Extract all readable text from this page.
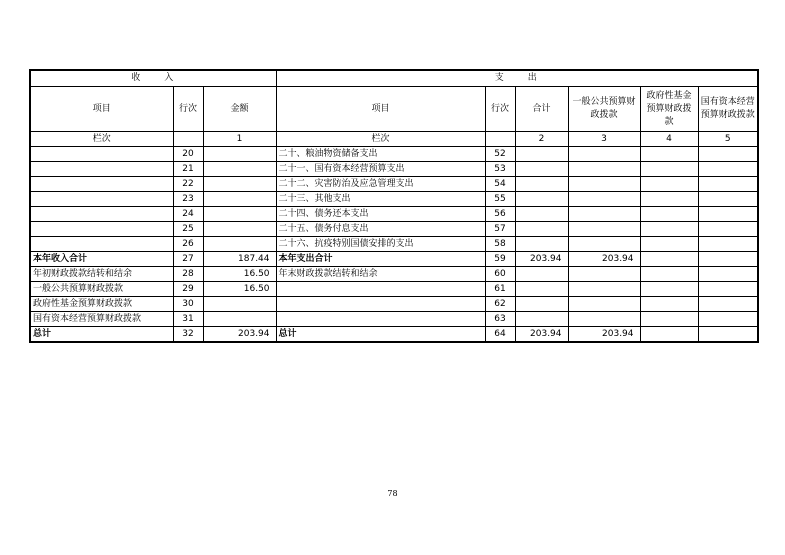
收　　入			支　　出					
项目	行次	金额	项目	行次	合计	一般公共预算财政拨款	政府性基金预算财政拨款	国有资本经营预算财政拨款
栏次		1	栏次		2	3	4	5
	20		二十、粮油物资储备支出	52				
	21		二十一、国有资本经营预算支出	53				
	22		二十二、灾害防治及应急管理支出	54				
	23		二十三、其他支出	55				
	24		二十四、债务还本支出	56				
	25		二十五、债务付息支出	57				
	26		二十六、抗疫特别国债安排的支出	58				
本年收入合计	27	187.44	本年支出合计	59	203.94	203.94		
年初财政拨款结转和结余	28	16.50	年末财政拨款结转和结余	60				
一般公共预算财政拨款	29	16.50		61				
政府性基金预算财政拨款	30			62				
国有资本经营预算财政拨款	31			63				
总计	32	203.94	总计	64	203.94	203.94		
78
